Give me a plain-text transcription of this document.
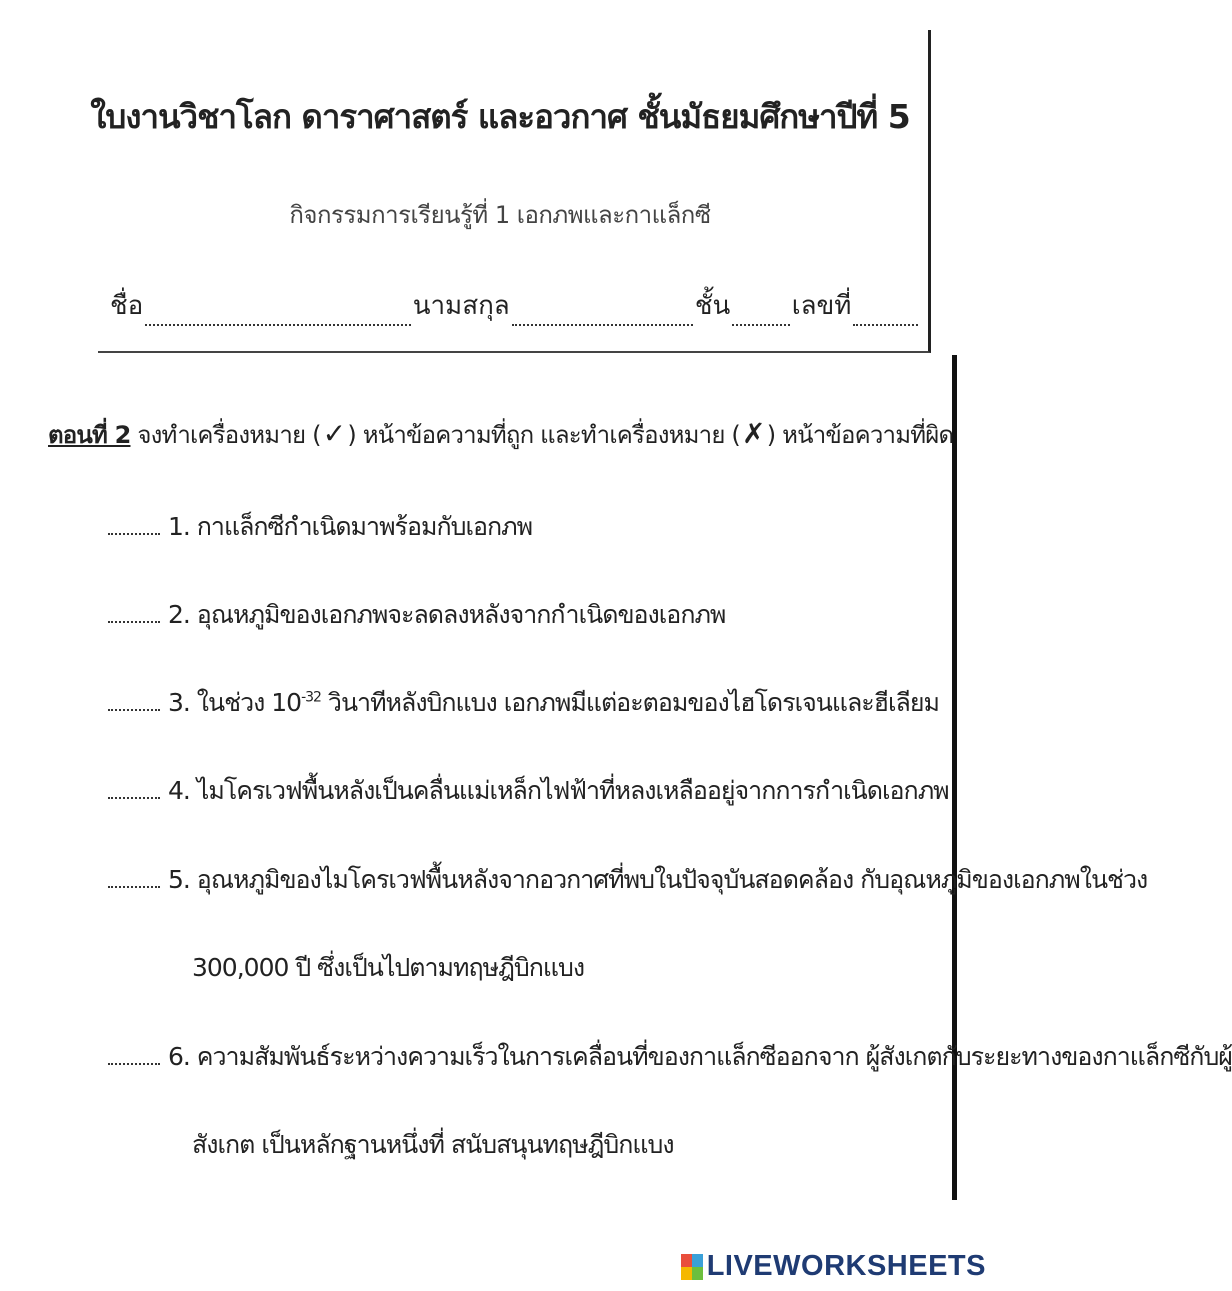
ใบงานวิชาโลก ดาราศาสตร์ และอวกาศ ชั้นมัธยมศึกษาปีที่ 5
กิจกรรมการเรียนรู้ที่ 1 เอกภพและกาแล็กซี
ชื่อ	นามสกุล	ชั้น เลขที่
ตอนที่ 2 จงทำเครื่องหมาย (✓) หน้าข้อความที่ถูก และทำเครื่องหมาย (✗) หน้าข้อความที่ผิด
1. กาแล็กซีกำเนิดมาพร้อมกับเอกภพ
2. อุณหภูมิของเอกภพจะลดลงหลังจากกำเนิดของเอกภพ
3. ในช่วง $10^{-32}$ วินาทีหลังบิกแบง เอกภพมีแต่อะตอมของไฮโดรเจนและฮีเลียม
4. ไมโครเวฟพื้นหลังเป็นคลื่นแม่เหล็กไฟฟ้าที่หลงเหลืออยู่จากการกำเนิดเอกภพ
5. อุณหภูมิของไมโครเวฟพื้นหลังจากอวกาศที่พบในปัจจุบันสอดคล้อง กับอุณหภูมิของเอกภพในช่วง
300,000 ปี ซึ่งเป็นไปตามทฤษฎีบิกแบง
6. ความสัมพันธ์ระหว่างความเร็วในการเคลื่อนที่ของกาแล็กซีออกจาก ผู้สังเกตกับระยะทางของกาแล็กซีกับผู้
สังเกต เป็นหลักฐานหนึ่งที่ สนับสนุนทฤษฎีบิกแบง
LIVEWORKSHEETS
